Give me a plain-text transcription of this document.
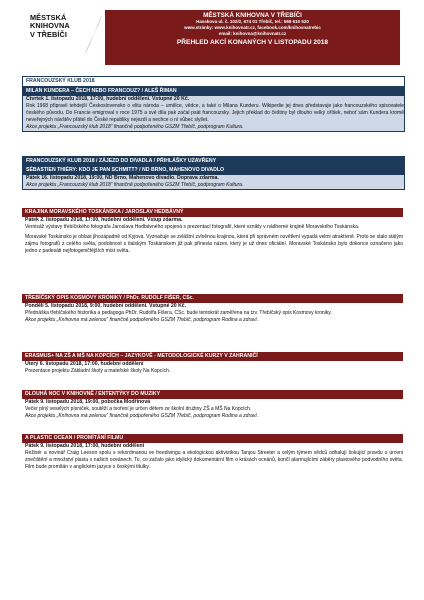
MĚSTSKÁ
KNIHOVNA
V TŘEBÍČI
MĚSTSKÁ KNIHOVNA V TŘEBÍČI
Hasskova ul. č. 102/2, 674 01 Třebíč, tel.: 568 610 520
www.stránky: www.knihovnatr.cz, facebook.com/knihovnatrebic
email: knihovna@knihovnatr.cz
PŘEHLED AKCÍ KONANÝCH V LISTOPADU 2018
FRANCOUZSKÝ KLUB 2018
MILAN KUNDERA – ČECH NEBO FRANCOUZ? / ALEŠ ŘIMAN
Čtvrtek 1. listopadu 2018, 17:00, hudební oddělení. Vstupné 20 Kč.
Rok 1968 připravil tehdejší Československo o elitu národa – umělce, vědce, a také o Milana Kunderu. Wikipedie jej dnes představuje jako francouzského spisovatele českého původu. Do Francie emigroval v roce 1975 a své díla pak začal psát francouzsky. Jejich překlad do češtiny byl dlouho velký oříšek, neboť sám Kundera kromě neveřejných návštěv přátel do České republiky nejezdí a nechce o ní vůbec slyšet.
Akce projektu „Francouzský klub 2018“ finančně podpořeného GSZM Třebíč, podprogram Kultura.
FRANCOUZSKÝ KLUB 2018 / ZÁJEZD DO DIVADLA / PŘIHLÁŠKY UZAVŘENY
SÉBASTIEN THIÉRY: KDO JE PAN SCHMITT? / ND BRNO, MAHENOVO DIVADLO
Pátek 16. listopadu 2018, 19:00, ND Brno, Mahenovo divadlo. Doprava zdarma.
Akce projektu „Francouzský klub 2018“ finančně podpořeného GSZM Třebíč, podprogram Kultura.
KRAJINA MORAVSKÉHO TOSKÁNSKA / JAROSLAV HEDBÁVNÝ
Pátek 2. listopadu 2018, 17:00, hudební oddělení. Vstup zdarma.
Vernisáž výstavy třebíčského fotografa Jaroslava Hedbávného spojená s prezentací fotografií, které vznikly v nádherné krajině Moravského Toskánska.
Moravské Toskánsko je oblast jihozápadně od Kyjova. Vyznačuje se zvláštní zvlněnou krajinou, která při správném osvětlení vypadá velmi atraktivně. Proto se stalo stálým zájmu fotografů z celého světa, podobnost s italským Toskánskem již pak přinesla název, který je už dnes oficiální. Moravské Toskánsko bylo dokonce označeno jako jedno z padesáti nejfotogeničtějších míst světa.
TŘEBÍČSKÝ OPIS KOSMOVY KRONIKY / PhDr. RUDOLF FIŠER, CSc.
Pondělí 5. listopadu 2018, 9:00, hudební oddělení. Vstupné 20 Kč.
Přednáška třebíčského historika a pedagoga PhDr. Rudolfa Fišera, CSc. bude tentokrát zaměřena na tzv. Třebíčský opis Kosmovy kroniky.
Akce projektu „Knihovna má zelenou“ finančně podpořeného GSZM Třebíč, podprogram Rodina a zdraví.
ERASMUS+ NA ZŠ A MŠ NA KOPCÍCH – JAZYKOVĚ - METODOLOGICKÉ KURZY V ZAHRANIČÍ
Úterý 6. listopadu 2018, 17:00, hudební oddělení
Prezentace projektu Základní školy a mateřské školy Na Kopcích.
DLOUHÁ NOC V KNIHOVNĚ / ENTENTÝKY DO MUZIKY
Pátek 9. listopadu 2018, 19:00, pobočka Modřínová
Večer plný veselých písniček, soutěží a tvoření je určen dětem ze školní družiny ZŠ a MŠ Na Kopcích.
Akce projektu „Knihovna má zelenou“ finančně podpořeného GSZM Třebíč, podprogram Rodina a zdraví.
A PLASTIC OCEAN / PROMÍTÁNÍ FILMU
Pátek 9. listopadu 2018, 17:00, hudební oddělení
Režisér a novinář Craig Leeson spolu s rekordmanou ve freedivingu a ekologickou aktivistkou Tanjou Streeter a celým týmem vědců odhalují šokující pravdu o úrovni znečištění a množství plastu v našich oceánech. To, co začalo jako idylický dokumentární film o krásách oceánů, končí alarmujícími záběry plastového podvodního světa. Film bude promítán v anglickém jazyce s českými titulky.
